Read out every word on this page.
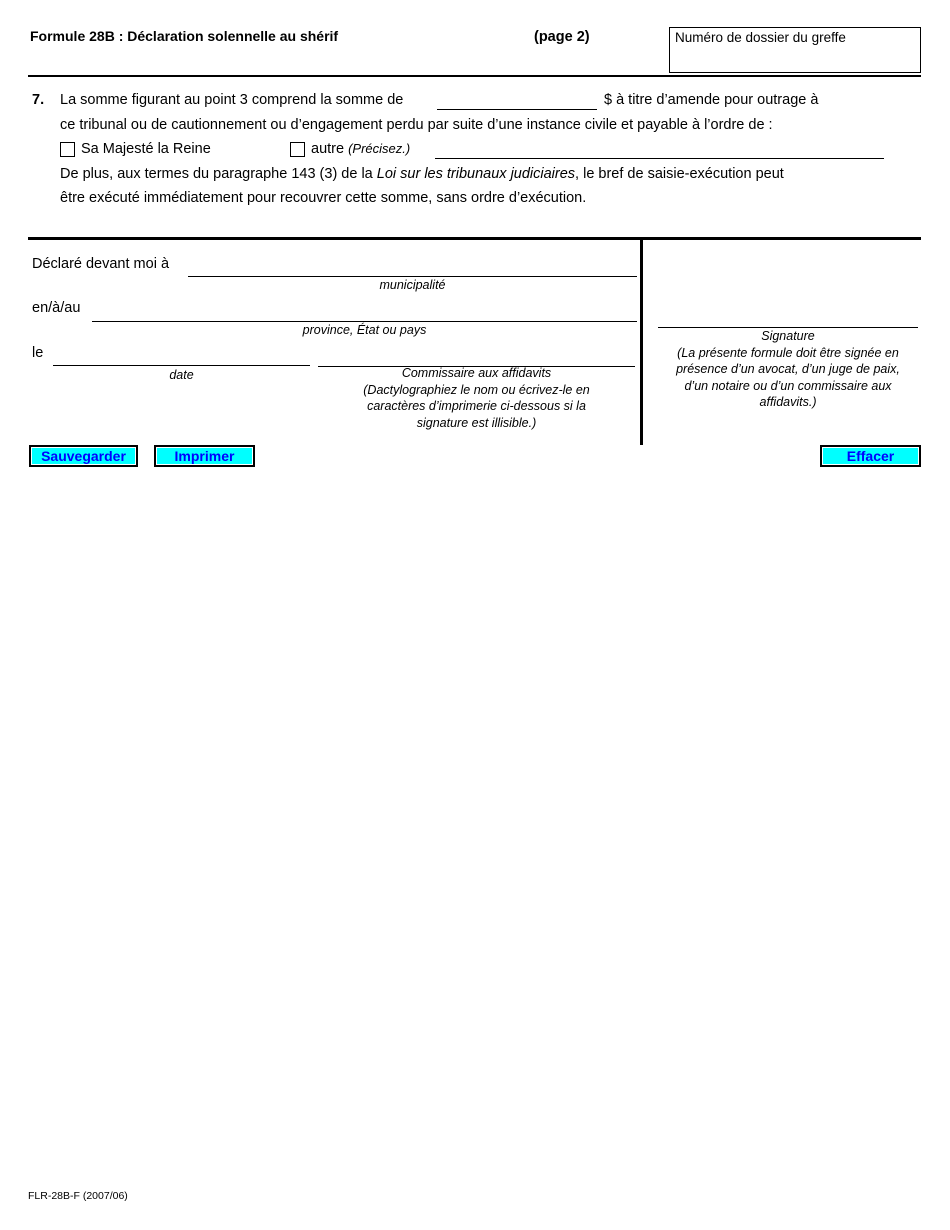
Formule 28B : Déclaration solennelle au shérif	(page 2)	Numéro de dossier du greffe
7. La somme figurant au point 3 comprend la somme de	$ à titre d’amende pour outrage à
ce tribunal ou de cautionnement ou d’engagement perdu par suite d’une instance civile et payable à l’ordre de :
Sa Majesté la Reine	autre (Précisez.)
De plus, aux termes du paragraphe 143 (3) de la Loi sur les tribunaux judiciaires, le bref de saisie-exécution peut
être exécuté immédiatement pour recouvrer cette somme, sans ordre d’exécution.
Déclaré devant moi à
municipalité
en/à/au
province, État ou pays
le
date	Commissaire aux affidavits
(Dactylographiez le nom ou écrivez-le en caractères d’imprimerie ci-dessous si la signature est illisible.)
Signature
(La présente formule doit être signée en présence d’un avocat, d’un juge de paix, d’un notaire ou d’un commissaire aux affidavits.)
Sauvegarder	Imprimer	Effacer
FLR-28B-F (2007/06)
